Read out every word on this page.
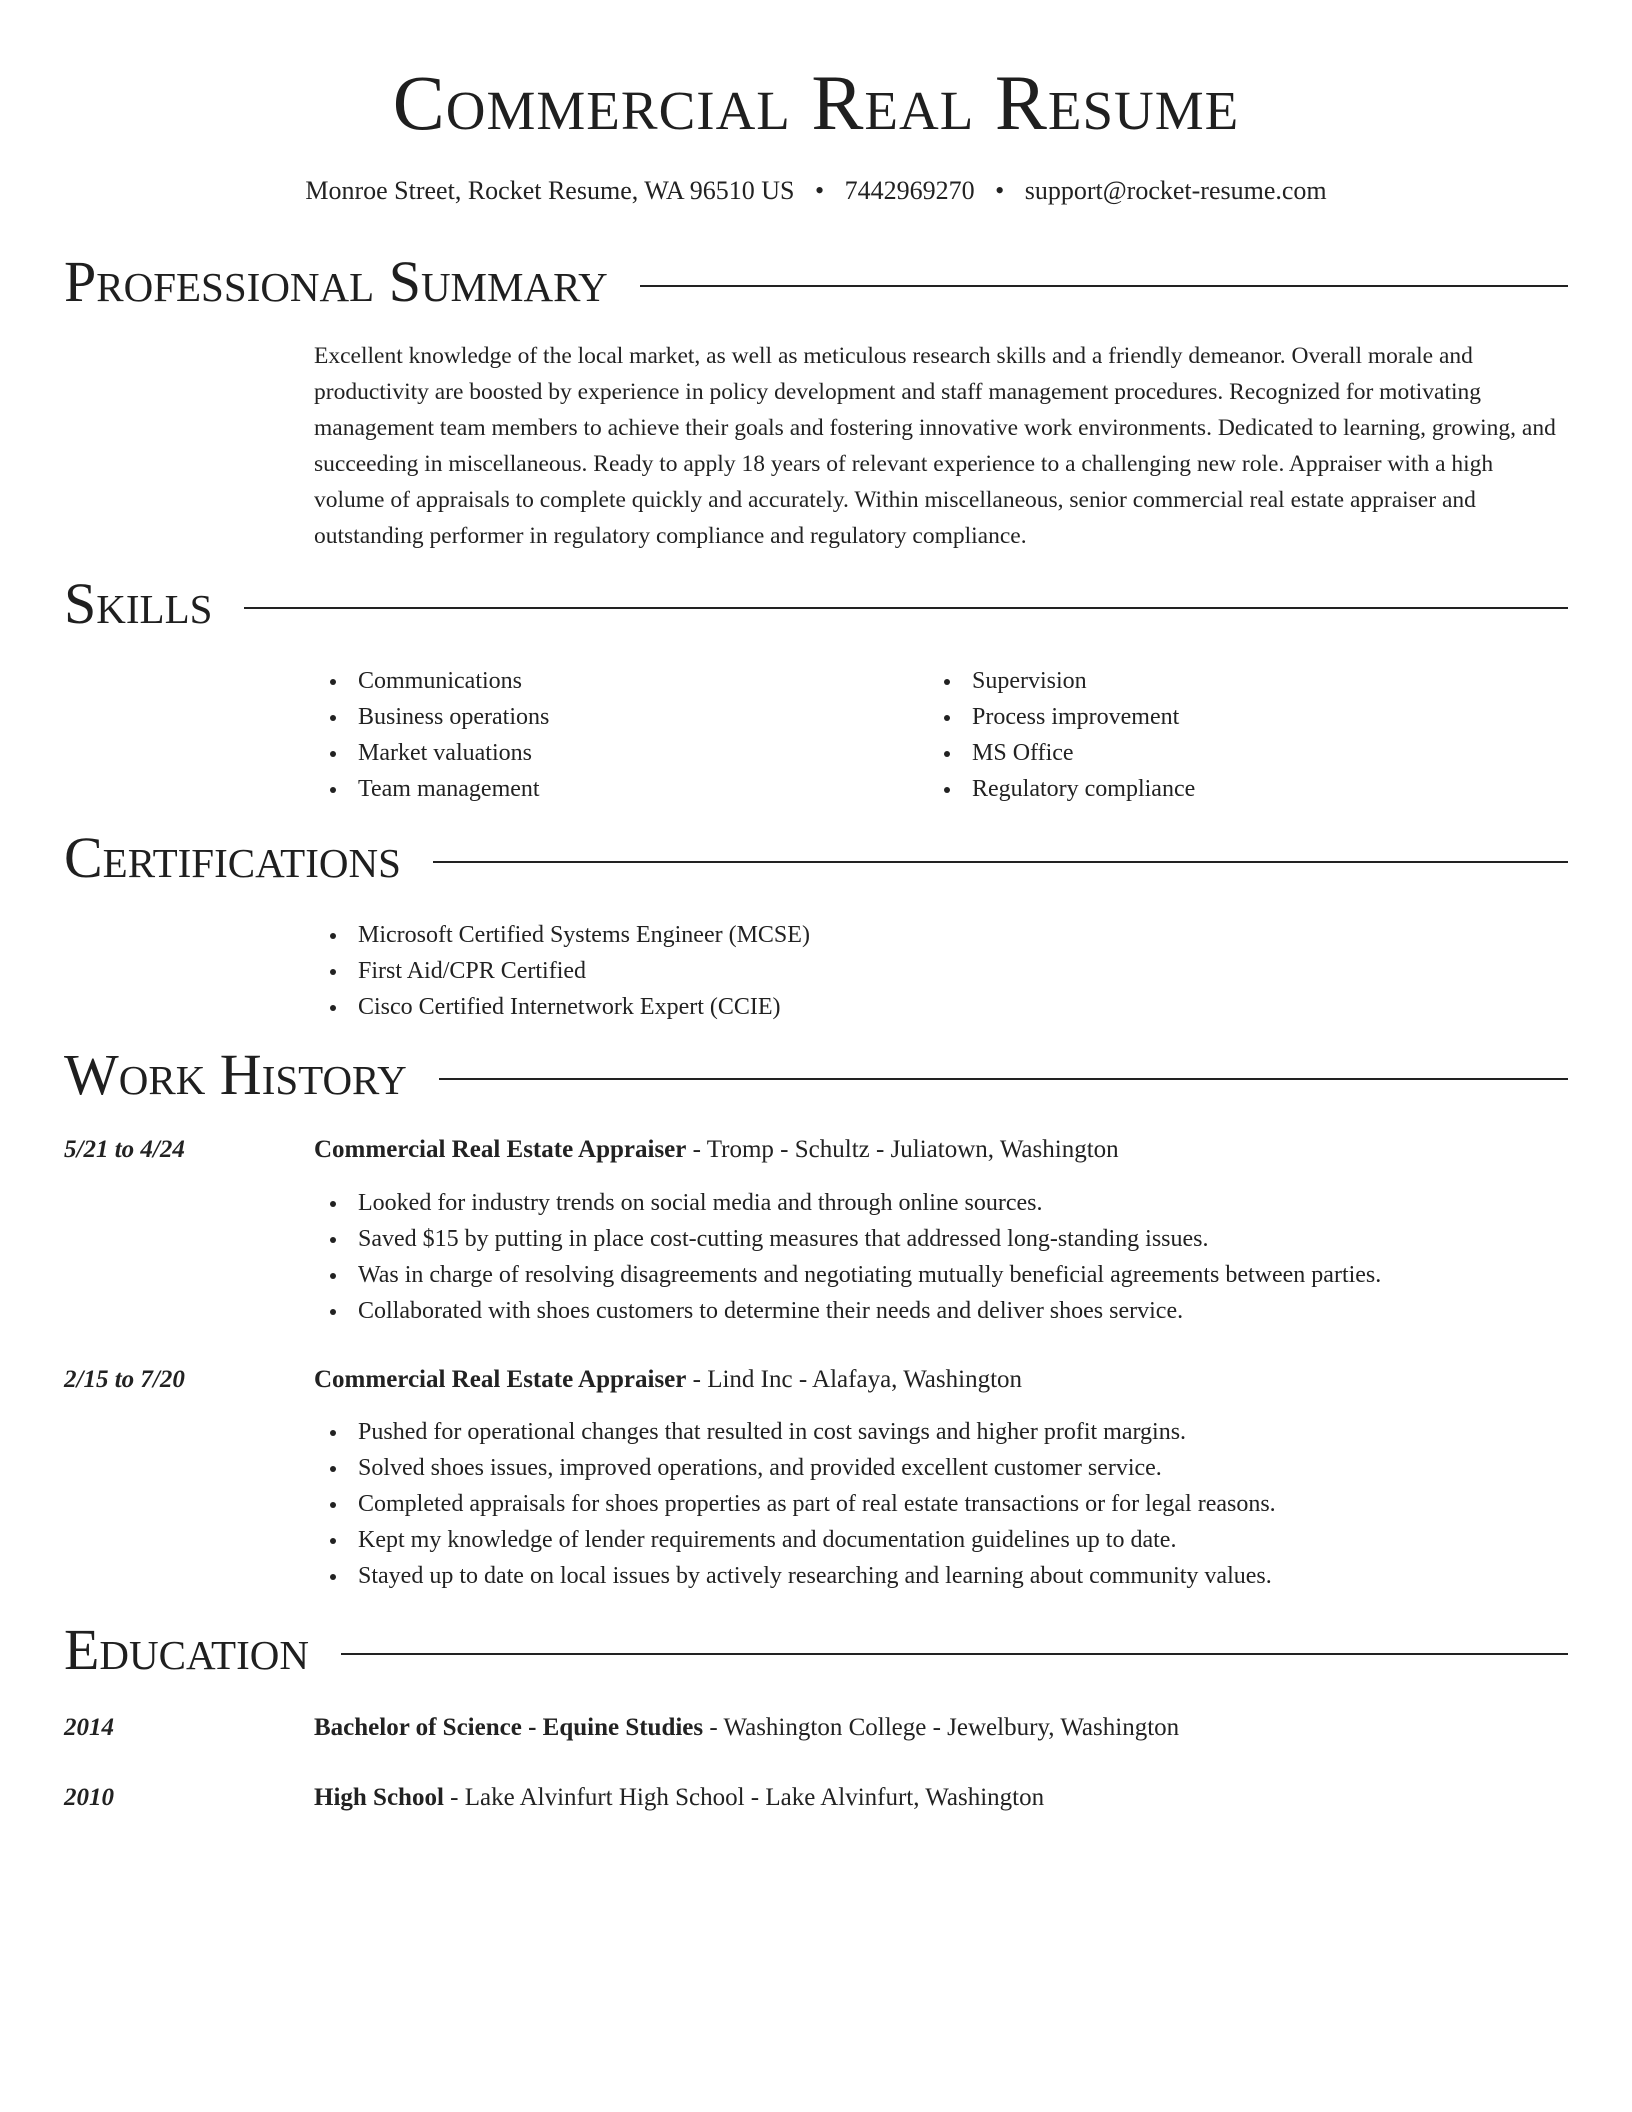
Commercial Real Resume
Monroe Street, Rocket Resume, WA 96510 US • 7442969270 • support@rocket-resume.com
Professional Summary

Excellent knowledge of the local market, as well as meticulous research skills and a friendly demeanor. Overall morale and productivity are boosted by experience in policy development and staff management procedures. Recognized for motivating management team members to achieve their goals and fostering innovative work environments. Dedicated to learning, growing, and succeeding in miscellaneous. Ready to apply 18 years of relevant experience to a challenging new role. Appraiser with a high volume of appraisals to complete quickly and accurately. Within miscellaneous, senior commercial real estate appraiser and outstanding performer in regulatory compliance and regulatory compliance.

Skills
Communications
Business operations
Market valuations
Team management
Supervision
Process improvement
MS Office
Regulatory compliance
Certifications
Microsoft Certified Systems Engineer (MCSE)
First Aid/CPR Certified
Cisco Certified Internetwork Expert (CCIE)
Work History
5/21 to 4/24	Commercial Real Estate Appraiser - Tromp - Schultz - Juliatown, Washington
Looked for industry trends on social media and through online sources.
Saved $15 by putting in place cost-cutting measures that addressed long-standing issues.
Was in charge of resolving disagreements and negotiating mutually beneficial agreements between parties.
Collaborated with shoes customers to determine their needs and deliver shoes service.
2/15 to 7/20	Commercial Real Estate Appraiser - Lind Inc - Alafaya, Washington
Pushed for operational changes that resulted in cost savings and higher profit margins.
Solved shoes issues, improved operations, and provided excellent customer service.
Completed appraisals for shoes properties as part of real estate transactions or for legal reasons.
Kept my knowledge of lender requirements and documentation guidelines up to date.
Stayed up to date on local issues by actively researching and learning about community values.
Education
2014	Bachelor of Science - Equine Studies - Washington College - Jewelbury, Washington
2010	High School - Lake Alvinfurt High School - Lake Alvinfurt, Washington
